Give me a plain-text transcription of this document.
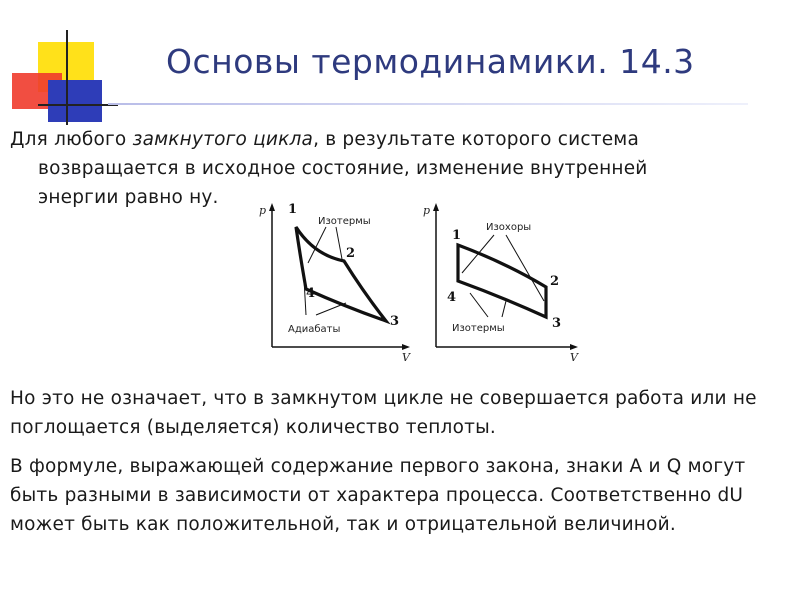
Основы термодинамики. 14.3
Для любого замкнутого цикла, в результате которого система
возвращается в исходное состояние, изменение внутренней
энергии равно ну.
p
V
Изотермы
Адиабаты
1
2
3
4
p
V
Изохоры
Изотермы
1
2
3
4
Но это не означает, что в замкнутом цикле не совершается работа или не поглощается (выделяется) количество теплоты.
В формуле, выражающей содержание первого закона, знаки А и Q могут быть разными в зависимости от характера процесса. Соответственно dU может быть как положительной, так и отрицательной величиной.
